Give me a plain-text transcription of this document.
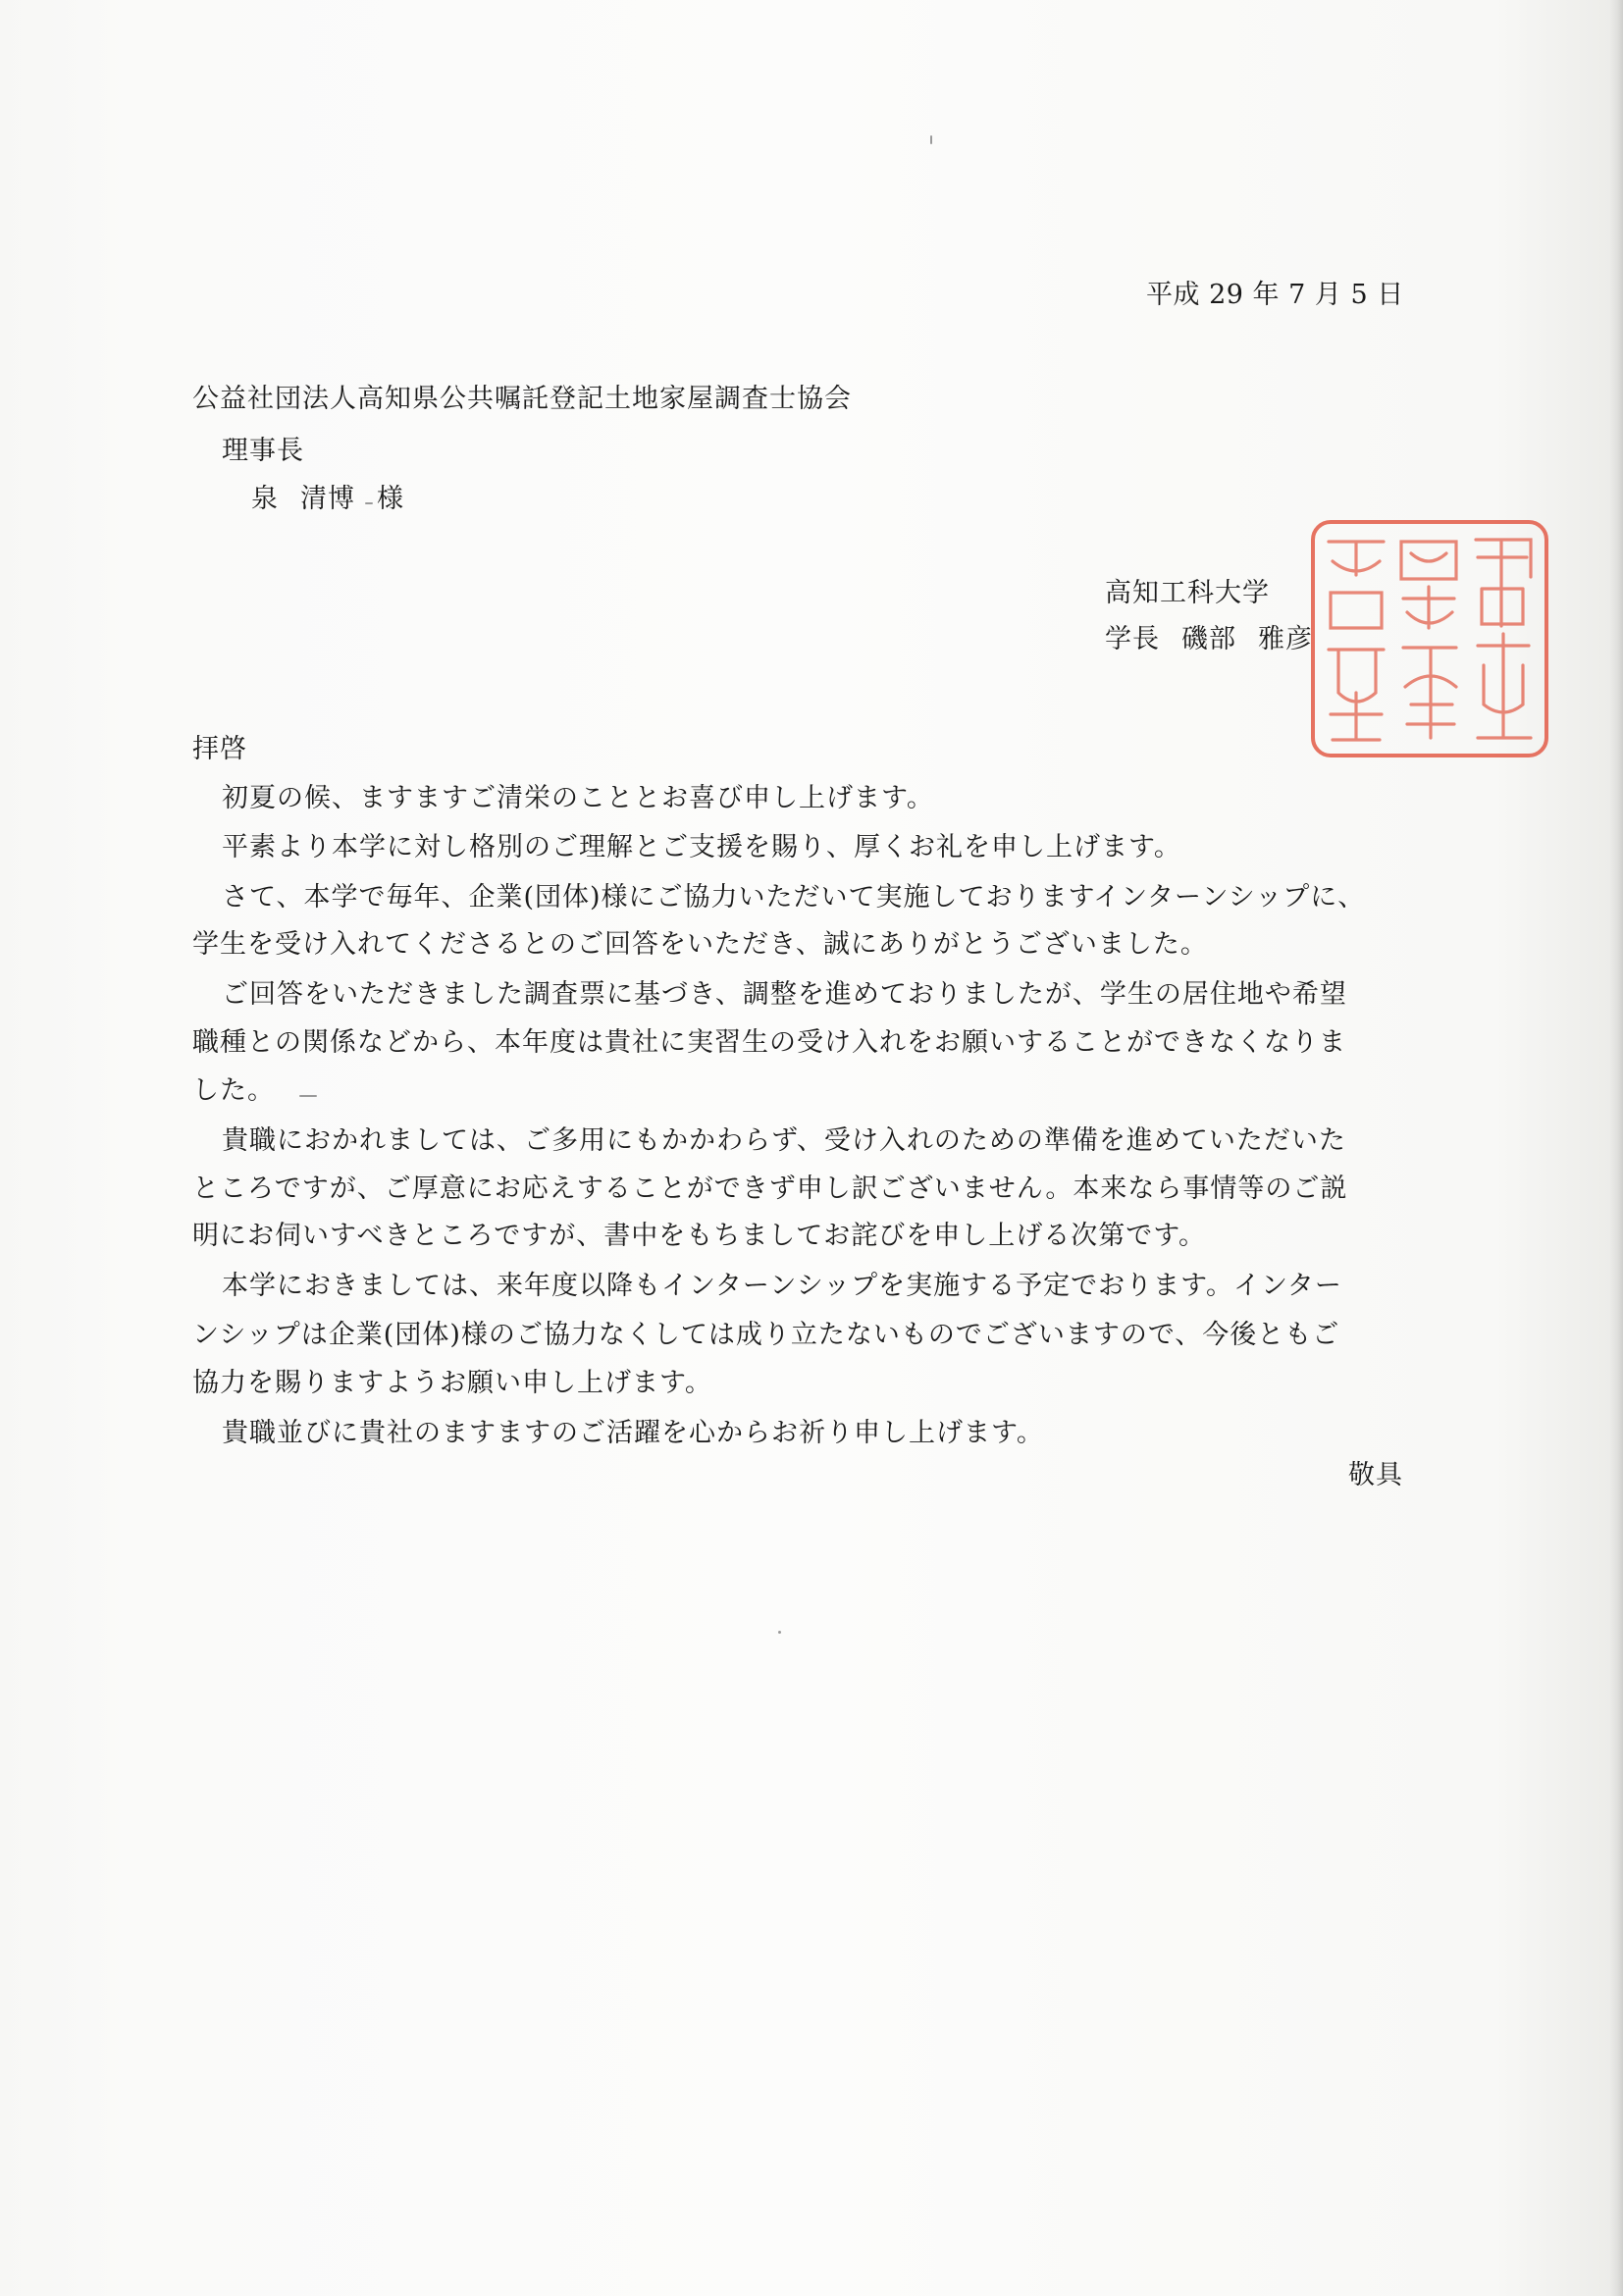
平成 29 年 7 月 5 日
公益社団法人高知県公共嘱託登記土地家屋調査士協会
理事長
泉 清博 様
高知工科大学
学長 磯部 雅彦
拝啓
初夏の候、ますますご清栄のこととお喜び申し上げます。
平素より本学に対し格別のご理解とご支援を賜り、厚くお礼を申し上げます。
さて、本学で毎年、企業(団体)様にご協力いただいて実施しておりますインターンシップに、
学生を受け入れてくださるとのご回答をいただき、誠にありがとうございました。
ご回答をいただきました調査票に基づき、調整を進めておりましたが、学生の居住地や希望
職種との関係などから、本年度は貴社に実習生の受け入れをお願いすることができなくなりま
した。
貴職におかれましては、ご多用にもかかわらず、受け入れのための準備を進めていただいた
ところですが、ご厚意にお応えすることができず申し訳ございません。本来なら事情等のご説
明にお伺いすべきところですが、書中をもちましてお詫びを申し上げる次第です。
本学におきましては、来年度以降もインターンシップを実施する予定でおります。インター
ンシップは企業(団体)様のご協力なくしては成り立たないものでございますので、今後ともご
協力を賜りますようお願い申し上げます。
貴職並びに貴社のますますのご活躍を心からお祈り申し上げます。
敬具
